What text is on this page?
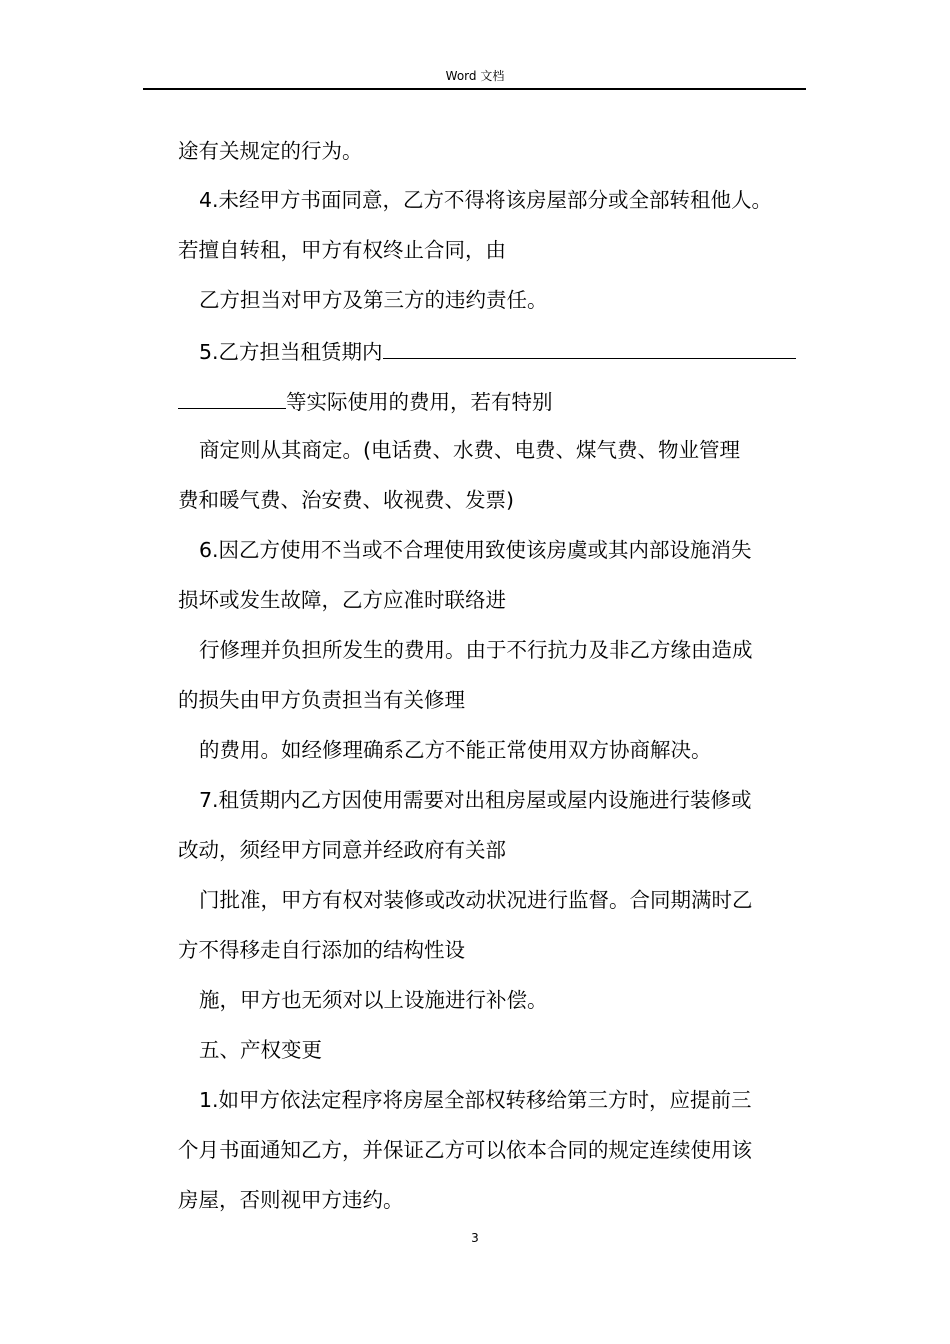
Word 文档
途有关规定的行为。
4.未经甲方书面同意，乙方不得将该房屋部分或全部转租他人。
若擅自转租，甲方有权终止合同，由
乙方担当对甲方及第三方的违约责任。
5.乙方担当租赁期内
等实际使用的费用，若有特别
商定则从其商定。(电话费、水费、电费、煤气费、物业管理
费和暖气费、治安费、收视费、发票)
6.因乙方使用不当或不合理使用致使该房虞或其内部设施消失
损坏或发生故障，乙方应准时联络进
行修理并负担所发生的费用。由于不行抗力及非乙方缘由造成
的损失由甲方负责担当有关修理
的费用。如经修理确系乙方不能正常使用双方协商解决。
7.租赁期内乙方因使用需要对出租房屋或屋内设施进行装修或
改动，须经甲方同意并经政府有关部
门批准，甲方有权对装修或改动状况进行监督。合同期满时乙
方不得移走自行添加的结构性设
施，甲方也无须对以上设施进行补偿。
五、产权变更
1.如甲方依法定程序将房屋全部权转移给第三方时，应提前三
个月书面通知乙方，并保证乙方可以依本合同的规定连续使用该
房屋，否则视甲方违约。
3
